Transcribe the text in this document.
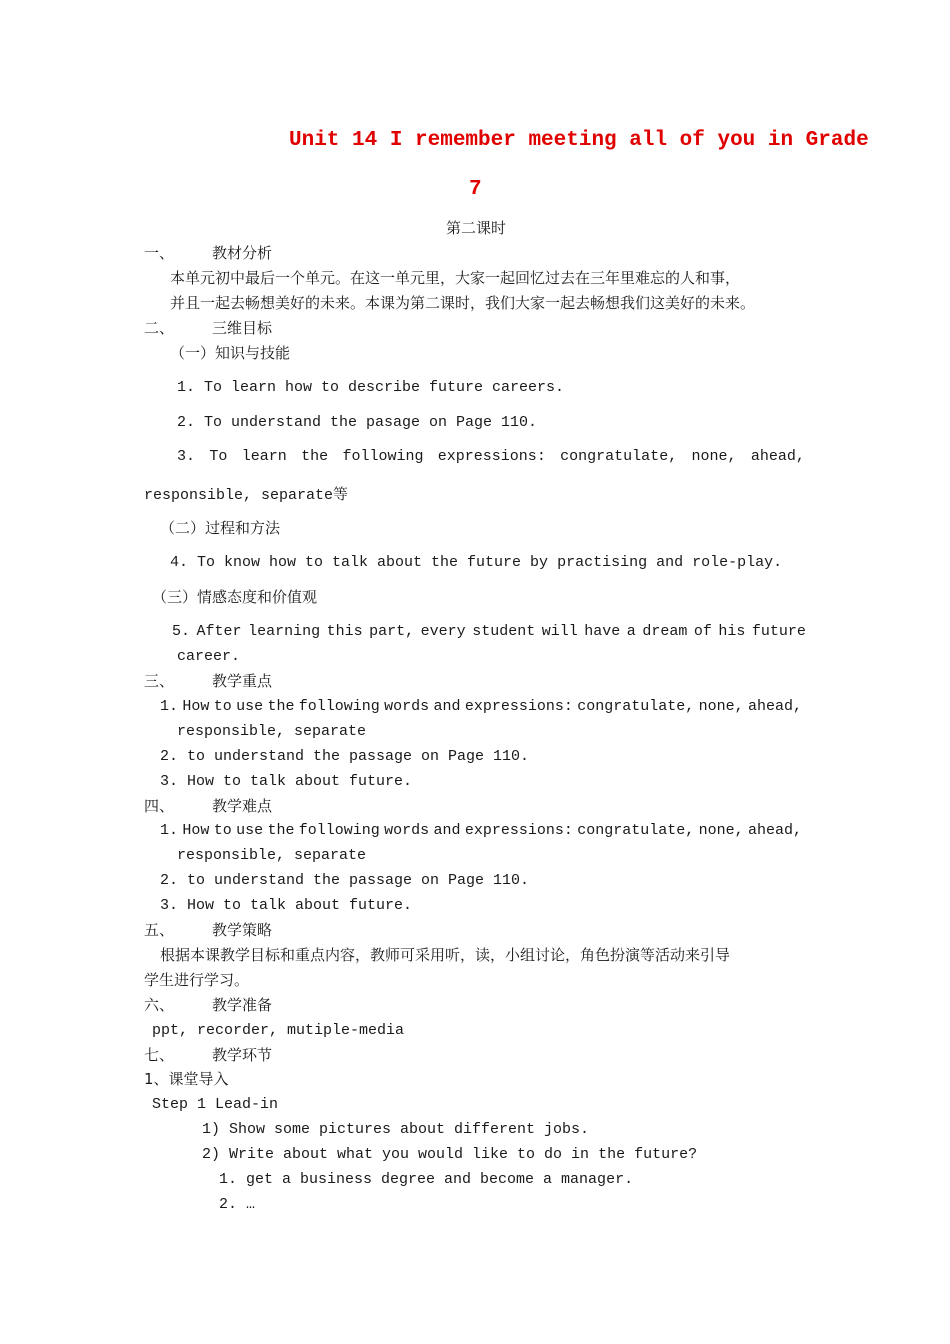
Unit 14 I remember meeting all of you in Grade
7
第二课时
一、	教材分析
本单元初中最后一个单元。在这一单元里，大家一起回忆过去在三年里难忘的人和事，
并且一起去畅想美好的未来。本课为第二课时，我们大家一起去畅想我们这美好的未来。
二、	三维目标
（一）知识与技能
1. To learn how to describe future careers.
2. To understand the pasage on Page 110.
3. To learn the following expressions: congratulate, none, ahead,
responsible, separate等
（二）过程和方法
4. To know how to talk about the future by practising and role-play.
（三）情感态度和价值观
5. After learning this part, every student will have a dream of his future
career.
三、	教学重点
1. How to use the following words and expressions: congratulate, none, ahead,
responsible, separate
2. to understand the passage on Page 110.
3. How to talk about future.
四、	教学难点
1. How to use the following words and expressions: congratulate, none, ahead,
responsible, separate
2. to understand the passage on Page 110.
3. How to talk about future.
五、	教学策略
根据本课教学目标和重点内容，教师可采用听，读，小组讨论，角色扮演等活动来引导
学生进行学习。
六、	教学准备
ppt, recorder, mutiple-media
七、	教学环节
1、课堂导入
Step 1 Lead-in
1) Show some pictures about different jobs.
2) Write about what you would like to do in the future?
1. get a business degree and become a manager.
2. …
